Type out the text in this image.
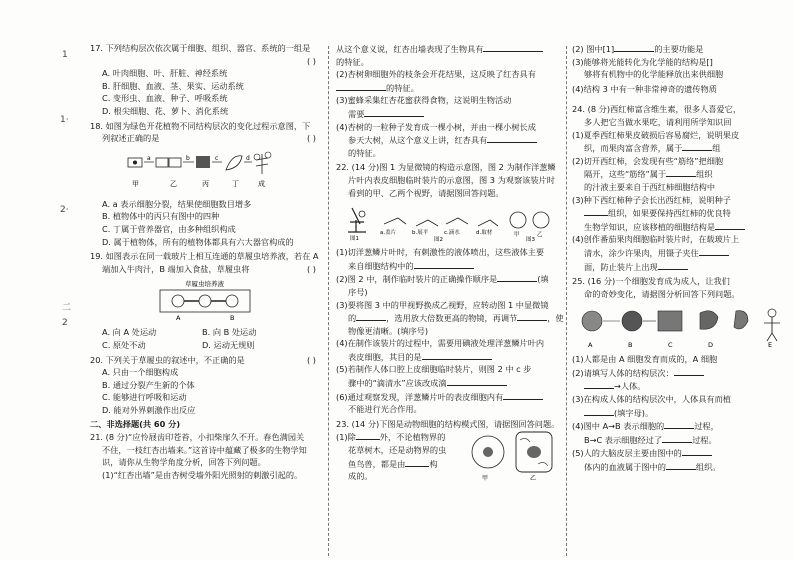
1
1·
2·
二
2

17. 下列结构层次依次属于细胞、组织、器官、系统的一组是

( )

A. 叶肉细胞、叶、肝脏、神经系统

B. 肝细胞、血液、茎、果实、运动系统

C. 变形虫、血液、种子、呼吸系统

D. 根尖细胞、花、萝卜、消化系统

18. 如图为绿色开花植物不同结构层次的变化过程示意图，下

列叙述正确的是	( )

a	b	c	d
甲	乙	丙	丁	成

A. a 表示细胞分裂，结果使细胞数目增多

B. 植物体中的丙只有图中的四种

C. 丁属于营养器官，由多种组织构成

D. 属于植物体，所有的植物体都具有六大器官构成的

19. 如图表示在同一载玻片上相互连通的草履虫培养液，若在 A

端加入牛肉汁，B 端加入食盐，草履虫将	( )

草履虫培养液
A	B

A. 向 A 处运动	B. 向 B 处运动

C. 原处不动	D. 运动无规则

20. 下列关于草履虫的叙述中，不正确的是	( )

A. 只由一个细胞构成

B. 通过分裂产生新的个体

C. 能够进行呼吸和运动

D. 能对外界刺激作出反应

二、非选择题(共 60 分)

21. (8 分)“应怜屐齿印苍苔，小扣柴扉久不开。春色满园关

不住，一枝红杏出墙来。”这首诗中蕴藏了极多的生物学知

识，请你从生物学角度分析，回答下列问题。

(1)“红杏出墙”是由杏树受墙外阳光照射的刺激引起的。

从这个意义说，红杏出墙表现了生物具有

的特征。

(2)杏树卵细胞外的枝条会开花结果，这反映了红杏具有

的特征。

(3)蜜蜂采集红杏花蜜获得食物，这说明生物活动

需要

(4)杏树的一粒种子发育成一棵小树，并由一棵小树长成

参天大树，从这个意义上讲，红杏具有

的特征。

22. (14 分)图 1 为显微镜的构造示意图，图 2 为制作洋葱鳞

片叶内表皮细胞临时装片的示意图，图 3 为观察该装片时

看到的甲、乙两个视野，请据图回答问题。

图1
a.盖片	b.展平	c.滴水	d.取材
图2
甲	乙
图3

(1)切洋葱鳞片叶时，有刺激性的液体喷出，这些液体主要

来自细胞结构中的

(2)图 2 中，制作临时装片的正确操作顺序是	(填

序号)

(3)要将图 3 中的甲视野换成乙视野，应转动图 1 中显微镜

的	，选用放大倍数更高的物镜，再调节	，使

物像更清晰。(填序号)

(4)在制作该装片的过程中，需要用碘液处理洋葱鳞片叶内

表皮细胞，其目的是

(5)若制作人体口腔上皮细胞临时装片，则图 2 中 c 步

骤中的“滴清水”应该改成滴

(6)通过观察发现，洋葱鳞片叶的表皮细胞内有

不能进行光合作用。

23. (14 分)下图是动物细胞的结构模式图，请据图回答问题。

(1)除	外，不论植物界的

花草树木，还是动物界的虫

鱼鸟兽，都是由	构

成的。	甲	乙

(2) 图中[1]	的主要功能是

(3)能够将光能转化为化学能的结构是[]

够将有机物中的化学能释放出来供细胞

(4)结构 3 中有一种非常神奇的遗传物质

24. (8 分)西红柿富含维生素，很多人喜爱它，

多人把它当做水果吃，请利用所学知识回

(1)夏季西红柿果皮破损后容易腐烂，说明果皮

织，而果肉富含营养，属于	组

(2)切开西红柿，会发现有些“筋络”把细胞

隔开，这些“筋络”属于	组织

的汁液主要来自于西红柿细胞结构中

(3)种下西红柿种子会长出西红柿，说明种子

组织，如果要保持西红柿的优良特

生物学知识，应该移植的细胞结构是

(4)创作番茄果肉细胞临时装片时，在载玻片上

清水，涂少许果肉，用镊子夹住

面，防止装片上出现

25. (16 分)一个细胞发育成为成人，让我们

命的奇妙变化，请据图分析回答下列问题。

A	B	C	D	E

(1)人都是由 A 细胞发育而成的，A 细胞

(2)请填写人体的结构层次：

→人体。

(3)在构成人体的结构层次中，人体具有而植

(填字母)。

(4)图中 A→B 表示细胞的	过程，

B→C 表示细胞经过了	过程。

(5)人的大脑皮层主要由图中的

体内的血液属于图中的	组织。
